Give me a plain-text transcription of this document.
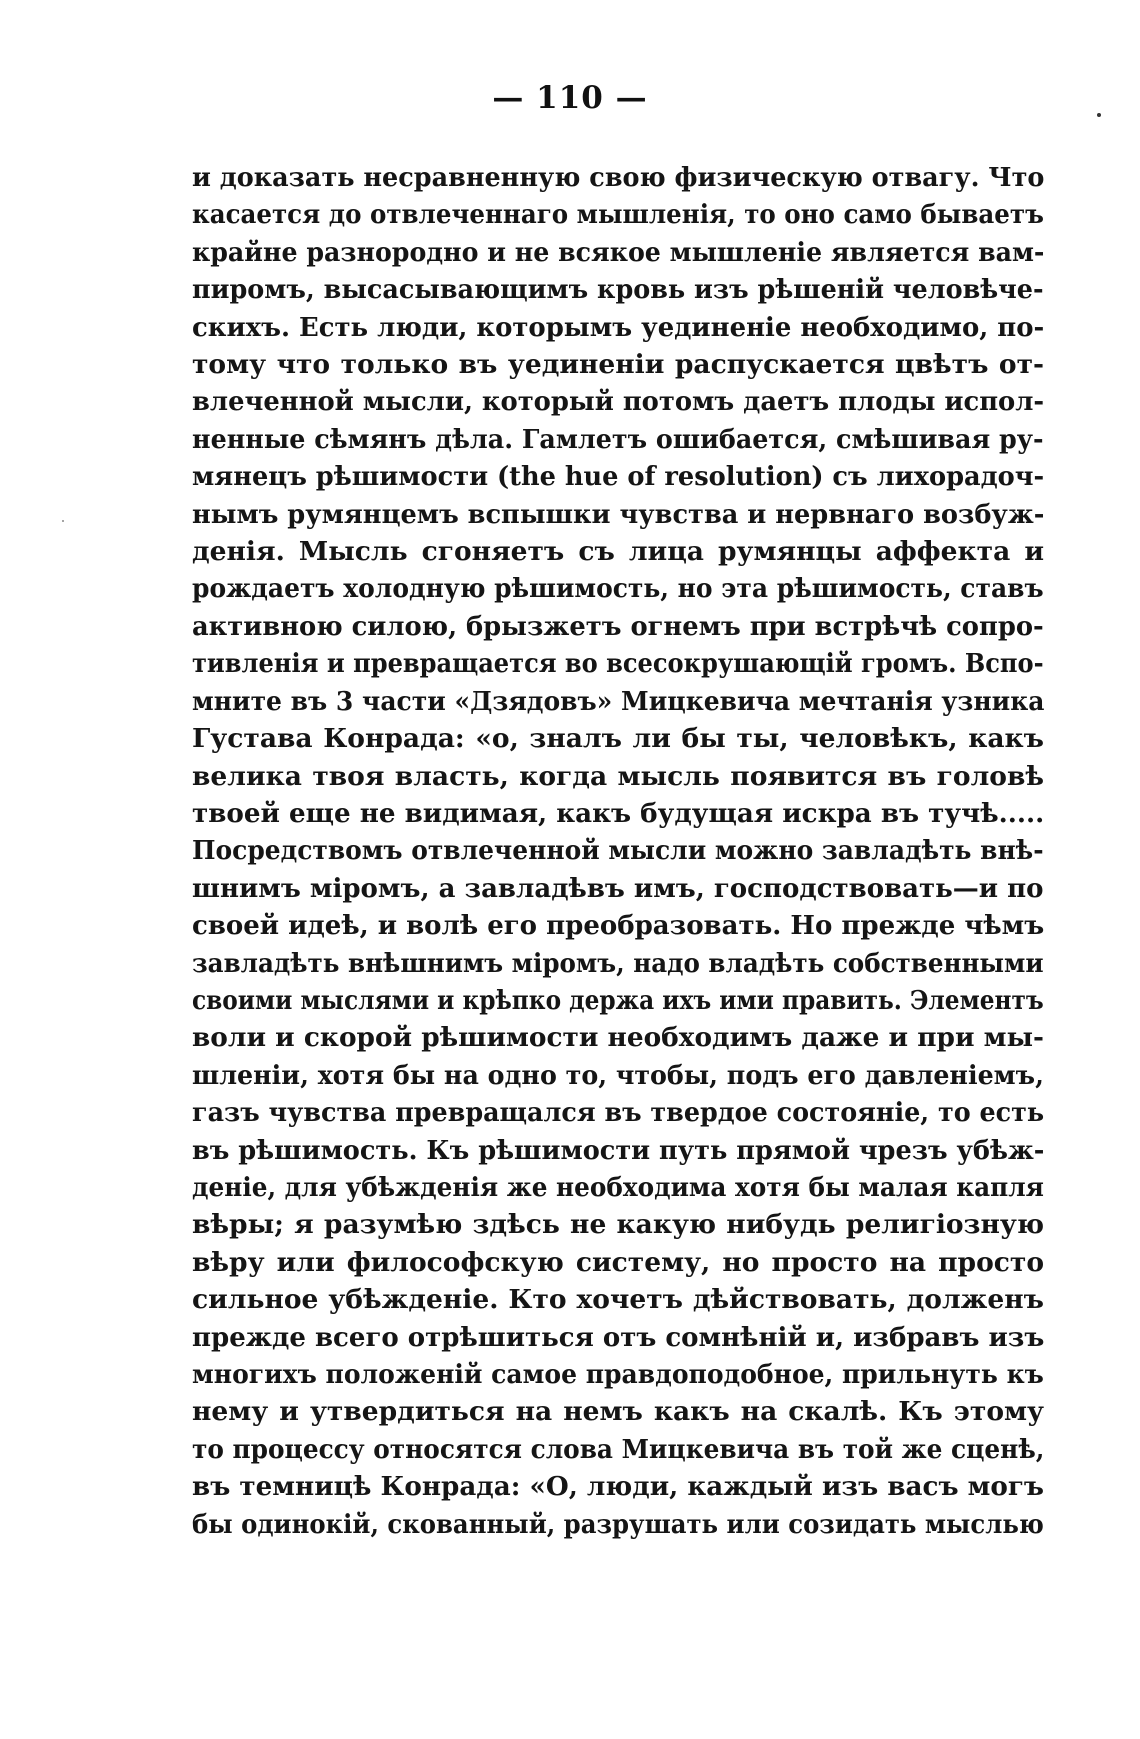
— 110 —
и доказать несравненную свою физическую отвагу. Что
касается до отвлеченнаго мышленія, то оно само бываетъ
крайне разнородно и не всякое мышленіе является вам-
пиромъ, высасывающимъ кровь изъ рѣшеній человѣче-
скихъ. Есть люди, которымъ уединеніе необходимо, по-
тому что только въ уединеніи распускается цвѣтъ от-
влеченной мысли, который потомъ даетъ плоды испол-
ненные сѣмянъ дѣла. Гамлетъ ошибается, смѣшивая ру-
мянецъ рѣшимости (the hue of resolution) съ лихорадоч-
нымъ румянцемъ вспышки чувства и нервнаго возбуж-
денія. Мысль сгоняетъ съ лица румянцы аффекта и
рождаетъ холодную рѣшимость, но эта рѣшимость, ставъ
активною силою, брызжетъ огнемъ при встрѣчѣ сопро-
тивленія и превращается во всесокрушающій громъ. Вспо-
мните въ 3 части «Дзядовъ» Мицкевича мечтанія узника
Густава Конрада: «о, зналъ ли бы ты, человѣкъ, какъ
велика твоя власть, когда мысль появится въ головѣ
твоей еще не видимая, какъ будущая искра въ тучѣ.....
Посредствомъ отвлеченной мысли можно завладѣть внѣ-
шнимъ міромъ, а завладѣвъ имъ, господствовать—и по
своей идеѣ, и волѣ его преобразовать. Но прежде чѣмъ
завладѣть внѣшнимъ міромъ, надо владѣть собственными
своими мыслями и крѣпко держа ихъ ими править. Элементъ
воли и скорой рѣшимости необходимъ даже и при мы-
шленіи, хотя бы на одно то, чтобы, подъ его давленіемъ,
газъ чувства превращался въ твердое состояніе, то есть
въ рѣшимость. Къ рѣшимости путь прямой чрезъ убѣж-
деніе, для убѣжденія же необходима хотя бы малая капля
вѣры; я разумѣю здѣсь не какую нибудь религіозную
вѣру или философскую систему, но просто на просто
сильное убѣжденіе. Кто хочетъ дѣйствовать, долженъ
прежде всего отрѣшиться отъ сомнѣній и, избравъ изъ
многихъ положеній самое правдоподобное, прильнуть къ
нему и утвердиться на немъ какъ на скалѣ. Къ этому
то процессу относятся слова Мицкевича въ той же сценѣ,
въ темницѣ Конрада: «О, люди, каждый изъ васъ могъ
бы одинокій, скованный, разрушать или созидать мыслью
